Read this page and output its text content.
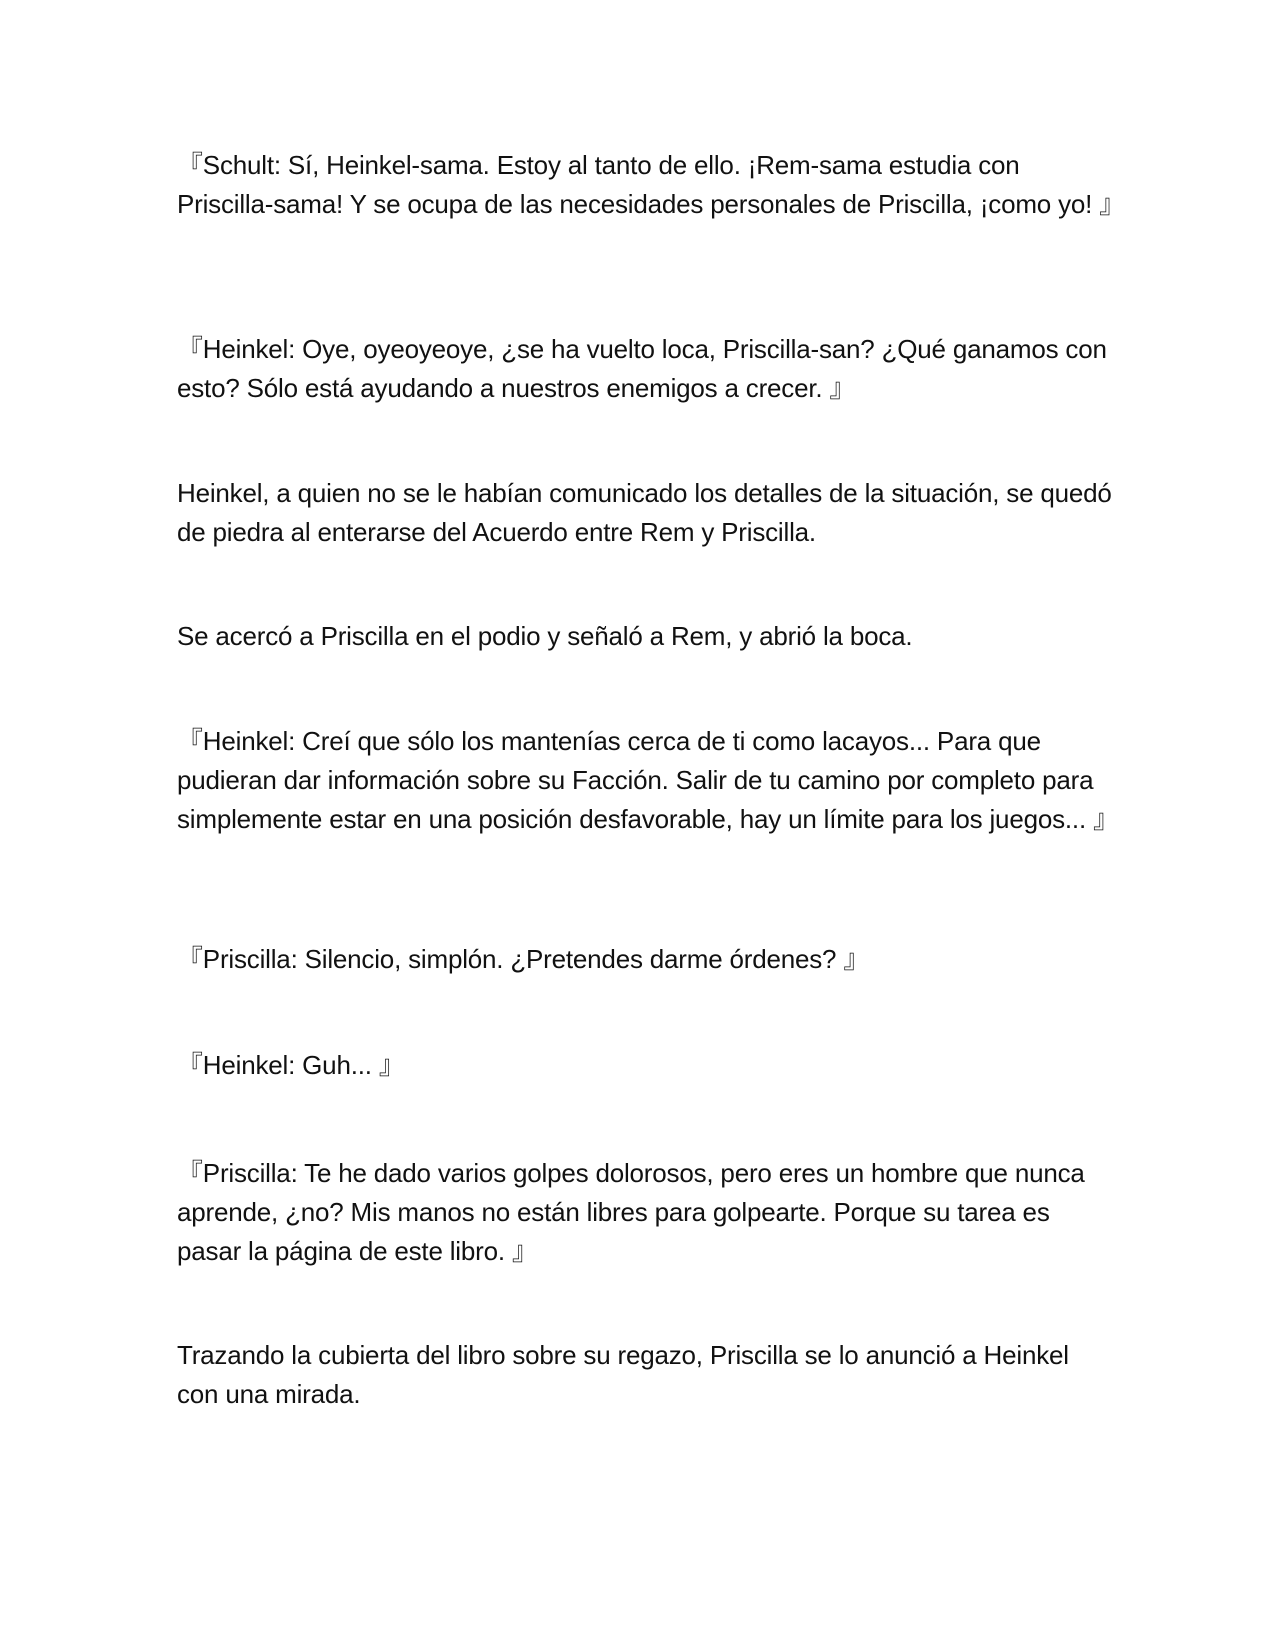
『Schult: Sí, Heinkel-sama. Estoy al tanto de ello. ¡Rem-sama estudia con Priscilla-sama! Y se ocupa de las necesidades personales de Priscilla, ¡como yo! 』

『Heinkel: Oye, oyeoyeoye, ¿se ha vuelto loca, Priscilla-san? ¿Qué ganamos con esto? Sólo está ayudando a nuestros enemigos a crecer. 』

Heinkel, a quien no se le habían comunicado los detalles de la situación, se quedó de piedra al enterarse del Acuerdo entre Rem y Priscilla.

Se acercó a Priscilla en el podio y señaló a Rem, y abrió la boca.

『Heinkel: Creí que sólo los mantenías cerca de ti como lacayos... Para que pudieran dar información sobre su Facción. Salir de tu camino por completo para simplemente estar en una posición desfavorable, hay un límite para los juegos... 』

『Priscilla: Silencio, simplón. ¿Pretendes darme órdenes? 』

『Heinkel: Guh... 』

『Priscilla: Te he dado varios golpes dolorosos, pero eres un hombre que nunca aprende, ¿no? Mis manos no están libres para golpearte. Porque su tarea es pasar la página de este libro. 』

Trazando la cubierta del libro sobre su regazo, Priscilla se lo anunció a Heinkel con una mirada.
